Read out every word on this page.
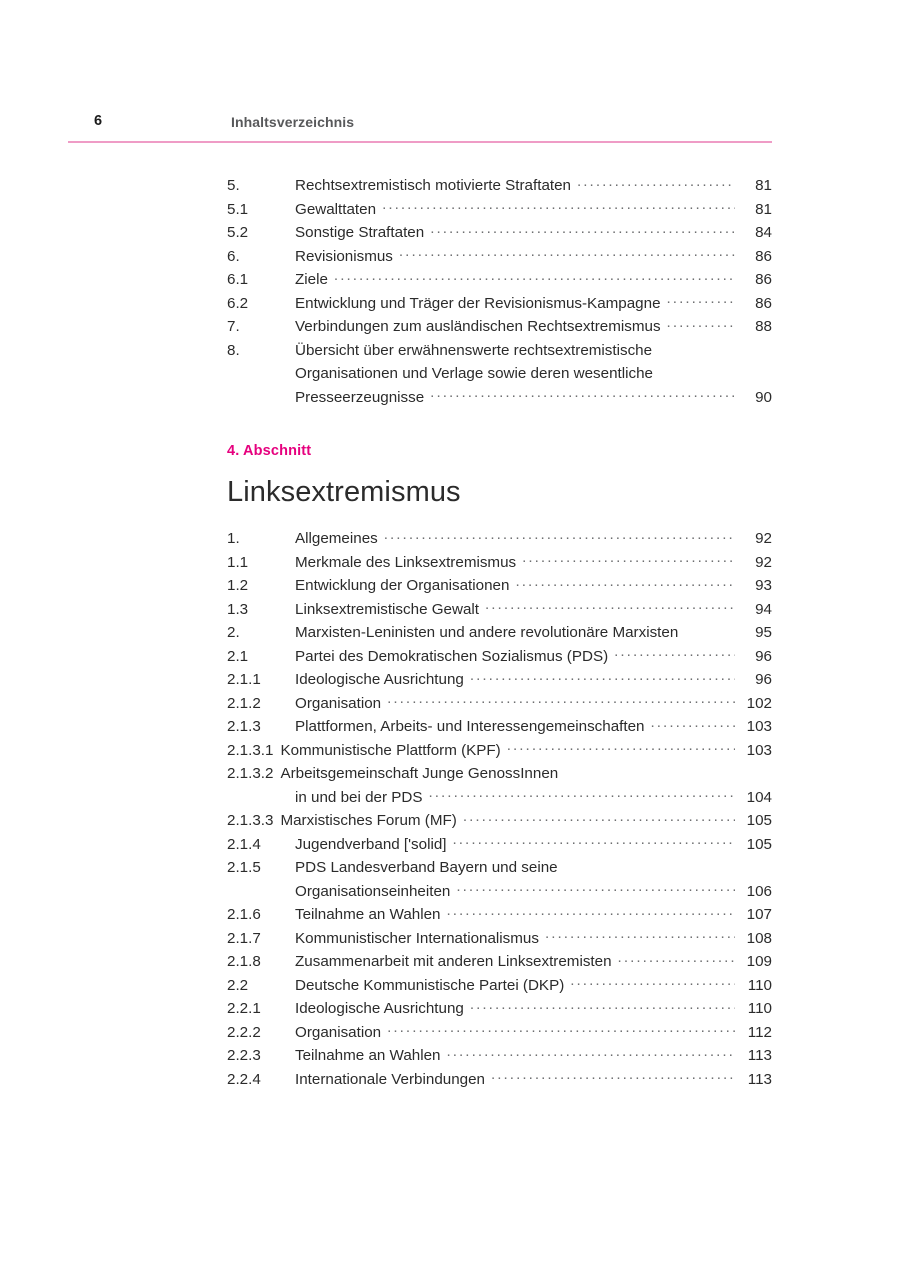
6	Inhaltsverzeichnis
5.	Rechtsextremistisch motivierte Straftaten .....	81
5.1	Gewalttaten .....	81
5.2	Sonstige Straftaten .....	84
6.	Revisionismus .....	86
6.1	Ziele .....	86
6.2	Entwicklung und Träger der Revisionismus-Kampagne .....	86
7.	Verbindungen zum ausländischen Rechtsextremismus .....	88
8.	Übersicht über erwähnenswerte rechtsextremistische
Organisationen und Verlage sowie deren wesentliche
Presseerzeugnisse .....	90
4. Abschnitt
Linksextremismus
1.	Allgemeines .....	92
1.1	Merkmale des Linksextremismus .....	92
1.2	Entwicklung der Organisationen .....	93
1.3	Linksextremistische Gewalt .....	94
2.	Marxisten-Leninisten und andere revolutionäre Marxisten	95
2.1	Partei des Demokratischen Sozialismus (PDS) .....	96
2.1.1	Ideologische Ausrichtung .....	96
2.1.2	Organisation .....	102
2.1.3	Plattformen, Arbeits- und Interessengemeinschaften .....	103
2.1.3.1 Kommunistische Plattform (KPF) .....	103
2.1.3.2 Arbeitsgemeinschaft Junge GenossInnen
in und bei der PDS .....	104
2.1.3.3 Marxistisches Forum (MF) .....	105
2.1.4	Jugendverband ['solid] .....	105
2.1.5	PDS Landesverband Bayern und seine
Organisationseinheiten .....	106
2.1.6	Teilnahme an Wahlen .....	107
2.1.7	Kommunistischer Internationalismus .....	108
2.1.8	Zusammenarbeit mit anderen Linksextremisten .....	109
2.2	Deutsche Kommunistische Partei (DKP) .....	110
2.2.1	Ideologische Ausrichtung .....	110
2.2.2	Organisation .....	112
2.2.3	Teilnahme an Wahlen .....	113
2.2.4	Internationale Verbindungen .....	113
